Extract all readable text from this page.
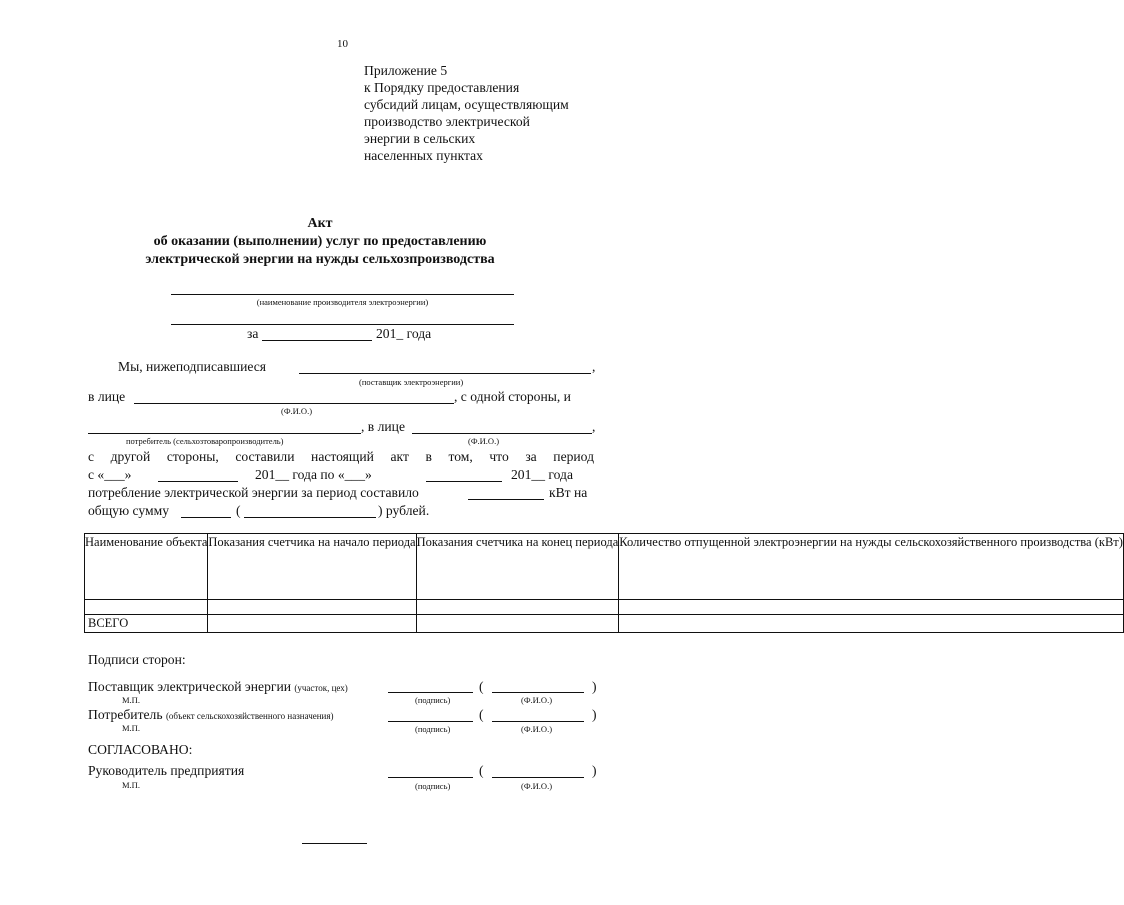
10
Приложение 5
к Порядку предоставления
субсидий лицам, осуществляющим
производство электрической
энергии в сельских
населенных пунктах
Акт
об оказании (выполнении) услуг по предоставлению
электрической энергии на нужды сельхозпроизводства
(наименование производителя электроэнергии)
за	201_ года
Мы, нижеподписавшиеся	,
(поставщик электроэнергии)
в лице	, с одной стороны, и
(Ф.И.О.)
, в лице	,
потребитель (сельхозтоваропроизводитель)	(Ф.И.О.)
с другой стороны, составили настоящий акт в том, что за период
с «___»	201__ года по «___»	201__ года
потребление электрической энергии за период составило	кВт на
общую сумму	(	) рублей.
Наименование объекта	Показания счетчика на начало периода	Показания счетчика на конец периода	Количество отпущенной электроэнергии на нужды сельскохозяйственного производства (кВт)

ВСЕГО			
Подписи сторон:
Поставщик электрической энергии (участок, цех)	(	)
М.П.	(подпись)	(Ф.И.О.)
Потребитель (объект сельскохозяйственного назначения)	(	)
М.П.	(подпись)	(Ф.И.О.)
СОГЛАСОВАНО:
Руководитель предприятия	(	)
М.П.	(подпись)	(Ф.И.О.)
